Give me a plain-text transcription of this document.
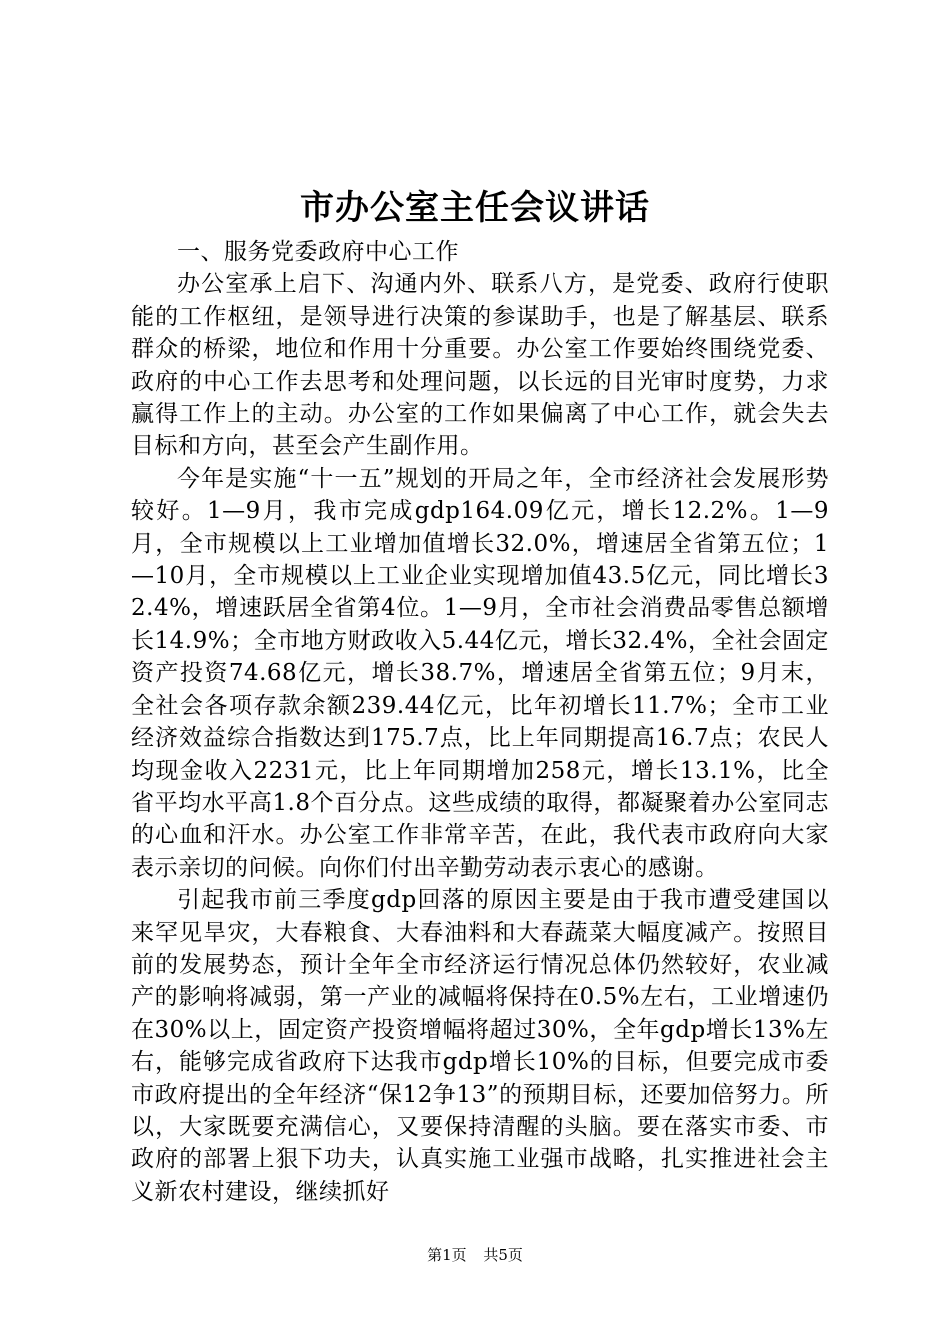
市办公室主任会议讲话

一、服务党委政府中心工作

办公室承上启下、沟通内外、联系八方，是党委、政府行使职能的工作枢纽，是领导进行决策的参谋助手，也是了解基层、联系群众的桥梁，地位和作用十分重要。办公室工作要始终围绕党委、政府的中心工作去思考和处理问题，以长远的目光审时度势，力求赢得工作上的主动。办公室的工作如果偏离了中心工作，就会失去目标和方向，甚至会产生副作用。

今年是实施“十一五”规划的开局之年，全市经济社会发展形势较好。1—9月，我市完成gdp164.09亿元，增长12.2%。1—9月，全市规模以上工业增加值增长32.0%，增速居全省第五位；1—10月，全市规模以上工业企业实现增加值43.5亿元，同比增长32.4%，增速跃居全省第4位。1—9月，全市社会消费品零售总额增长14.9%；全市地方财政收入5.44亿元，增长32.4%，全社会固定资产投资74.68亿元，增长38.7%，增速居全省第五位；9月末，全社会各项存款余额239.44亿元，比年初增长11.7%；全市工业经济效益综合指数达到175.7点，比上年同期提高16.7点；农民人均现金收入2231元，比上年同期增加258元，增长13.1%，比全省平均水平高1.8个百分点。这些成绩的取得，都凝聚着办公室同志的心血和汗水。办公室工作非常辛苦，在此，我代表市政府向大家表示亲切的问候。向你们付出辛勤劳动表示衷心的感谢。

引起我市前三季度gdp回落的原因主要是由于我市遭受建国以来罕见旱灾，大春粮食、大春油料和大春蔬菜大幅度减产。按照目前的发展势态，预计全年全市经济运行情况总体仍然较好，农业减产的影响将减弱，第一产业的减幅将保持在0.5%左右，工业增速仍在30%以上，固定资产投资增幅将超过30%，全年gdp增长13%左右，能够完成省政府下达我市gdp增长10%的目标，但要完成市委市政府提出的全年经济“保12争13”的预期目标，还要加倍努力。所以，大家既要充满信心，又要保持清醒的头脑。要在落实市委、市政府的部署上狠下功夫，认真实施工业强市战略，扎实推进社会主义新农村建设，继续抓好

第1页 共5页
